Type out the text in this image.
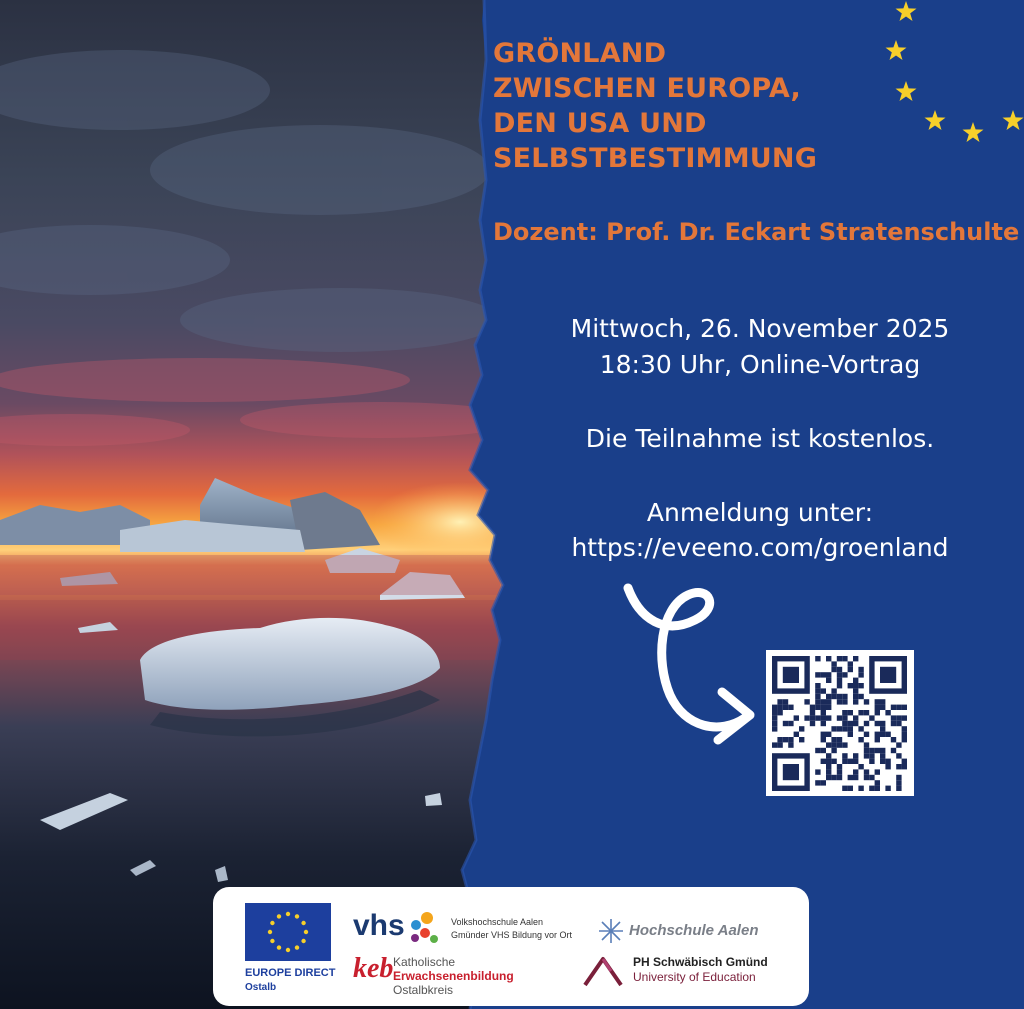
GRÖNLAND
ZWISCHEN EUROPA,
DEN USA UND
SELBSTBESTIMMUNG

Dozent: Prof. Dr. Eckart Stratenschulte

Mittwoch, 26. November 2025
18:30 Uhr, Online-Vortrag
Die Teilnahme ist kostenlos.
Anmeldung unter:
https://eveeno.com/groenland
EUROPE DIRECT
Ostalb
vhs	Volkshochschule Aalen
Gmünder VHS Bildung vor Ort
keb Katholische
Erwachsenenbildung
Ostalbkreis
Hochschule Aalen
PH Schwäbisch Gmünd
University of Education
